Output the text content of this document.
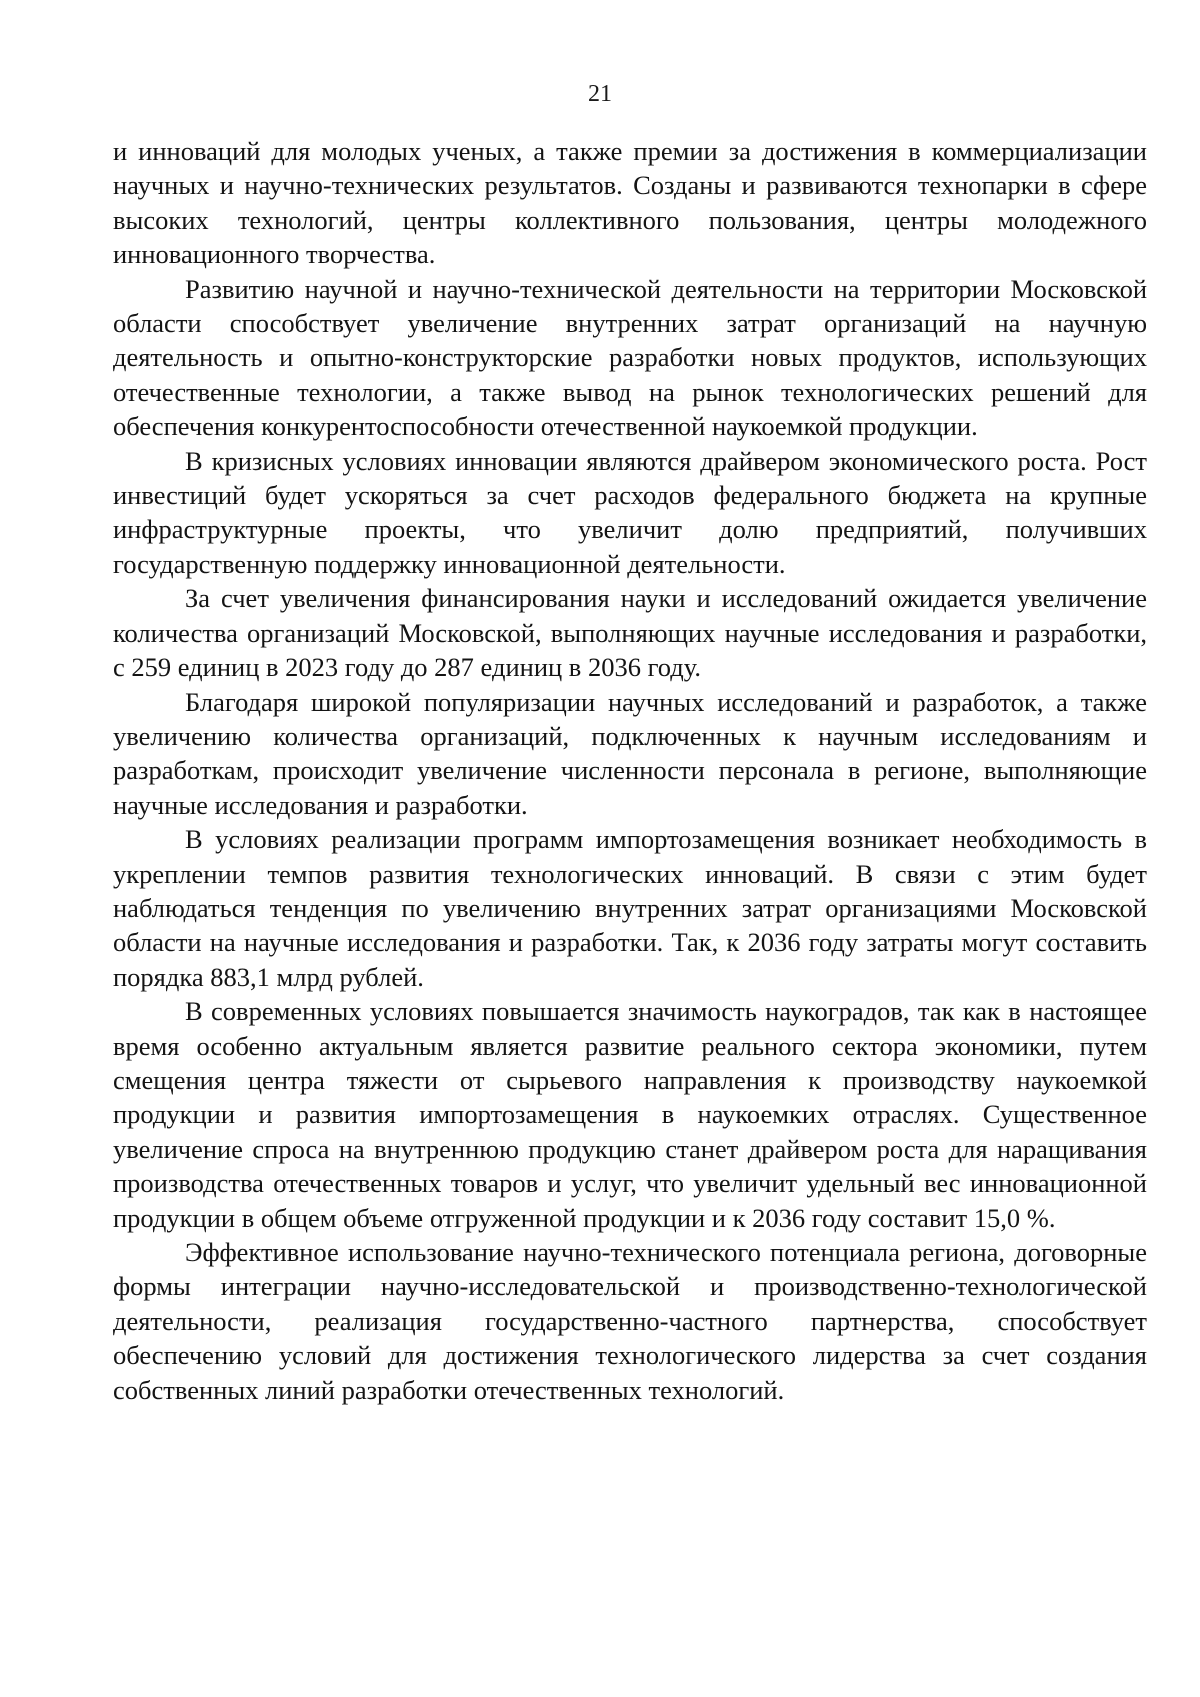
21

и инноваций для молодых ученых, а также премии за достижения в коммерциализации научных и научно-технических результатов. Созданы и развиваются технопарки в сфере высоких технологий, центры коллективного пользования, центры молодежного инновационного творчества.

Развитию научной и научно-технической деятельности на территории Московской области способствует увеличение внутренних затрат организаций на научную деятельность и опытно-конструкторские разработки новых продуктов, использующих отечественные технологии, а также вывод на рынок технологических решений для обеспечения конкурентоспособности отечественной наукоемкой продукции.

В кризисных условиях инновации являются драйвером экономического роста. Рост инвестиций будет ускоряться за счет расходов федерального бюджета на крупные инфраструктурные проекты, что увеличит долю предприятий, получивших государственную поддержку инновационной деятельности.

За счет увеличения финансирования науки и исследований ожидается увеличение количества организаций Московской, выполняющих научные исследования и разработки, с 259 единиц в 2023 году до 287 единиц в 2036 году.

Благодаря широкой популяризации научных исследований и разработок, а также увеличению количества организаций, подключенных к научным исследованиям и разработкам, происходит увеличение численности персонала в регионе, выполняющие научные исследования и разработки.

В условиях реализации программ импортозамещения возникает необходимость в укреплении темпов развития технологических инноваций. В связи с этим будет наблюдаться тенденция по увеличению внутренних затрат организациями Московской области на научные исследования и разработки. Так, к 2036 году затраты могут составить порядка 883,1 млрд рублей.

В современных условиях повышается значимость наукоградов, так как в настоящее время особенно актуальным является развитие реального сектора экономики, путем смещения центра тяжести от сырьевого направления к производству наукоемкой продукции и развития импортозамещения в наукоемких отраслях. Существенное увеличение спроса на внутреннюю продукцию станет драйвером роста для наращивания производства отечественных товаров и услуг, что увеличит удельный вес инновационной продукции в общем объеме отгруженной продукции и к 2036 году составит 15,0 %.

Эффективное использование научно-технического потенциала региона, договорные формы интеграции научно-исследовательской и производственно-технологической деятельности, реализация государственно-частного партнерства, способствует обеспечению условий для достижения технологического лидерства за счет создания собственных линий разработки отечественных технологий.
